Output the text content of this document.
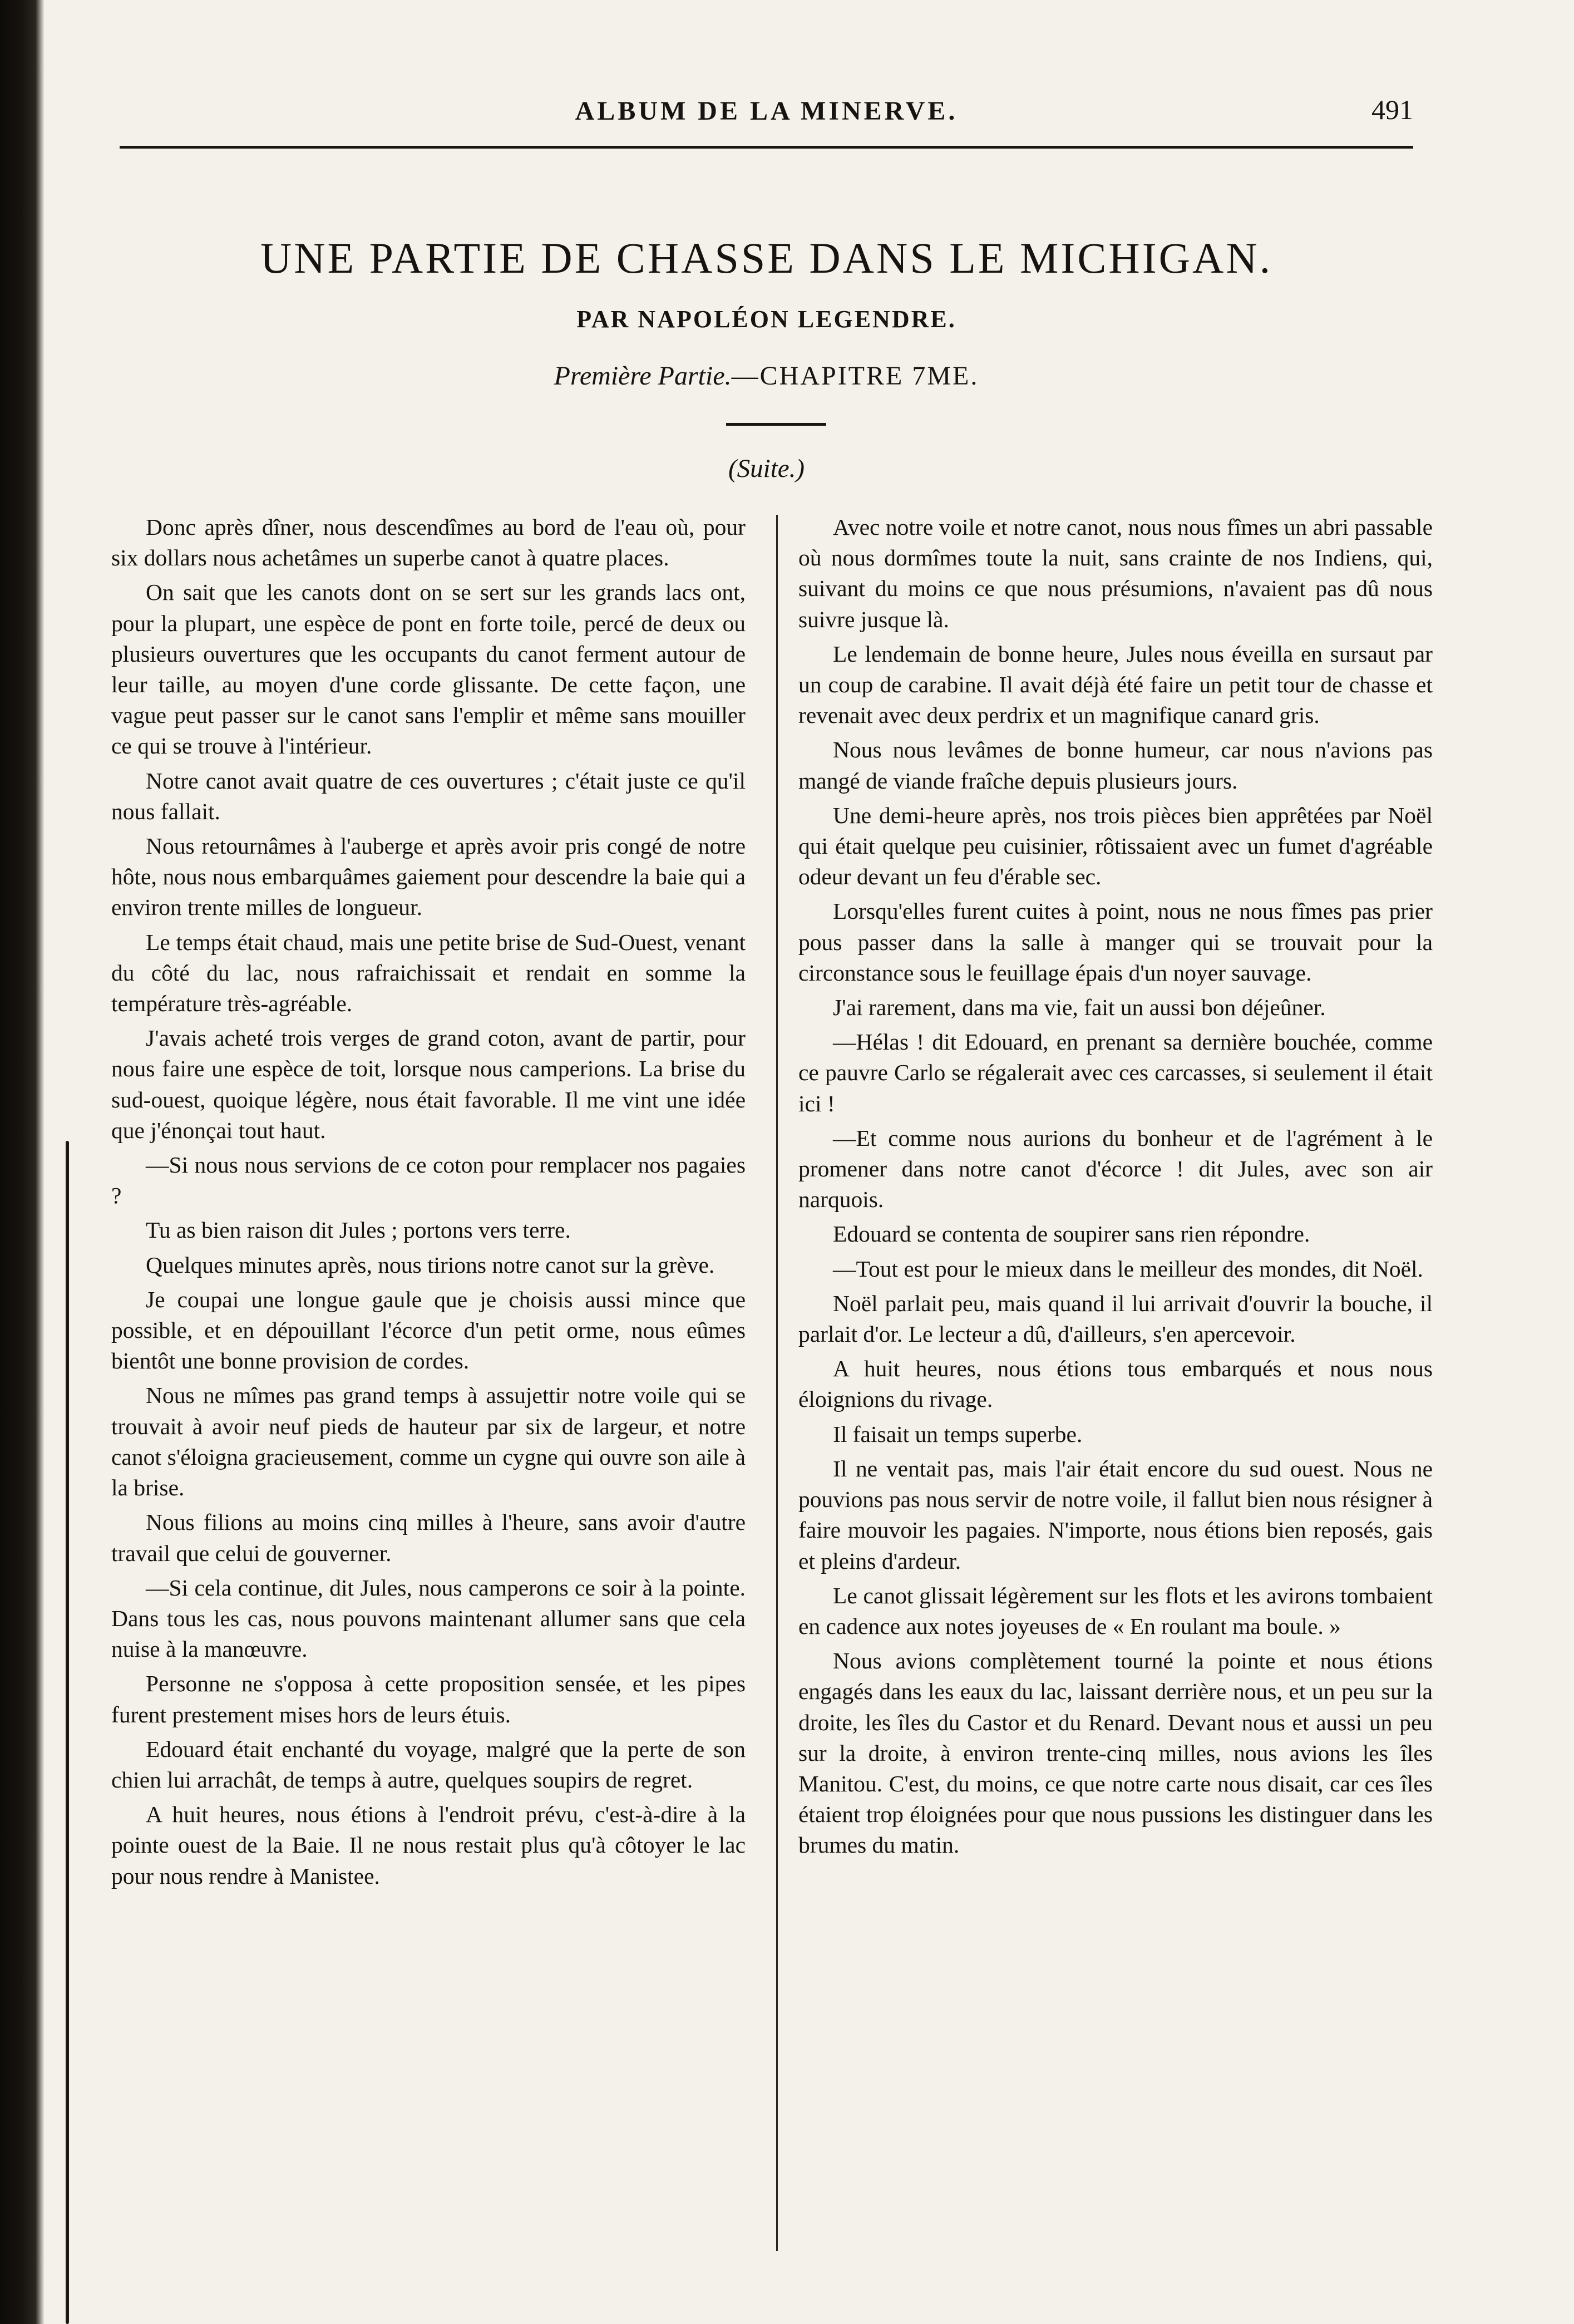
ALBUM DE LA MINERVE.	491
UNE PARTIE DE CHASSE DANS LE MICHIGAN.
PAR NAPOLÉON LEGENDRE.
Première Partie.—CHAPITRE 7ME.
(Suite.)

Donc après dîner, nous descendîmes au bord de l'eau où, pour six dollars nous achetâmes un superbe canot à quatre places.

On sait que les canots dont on se sert sur les grands lacs ont, pour la plupart, une espèce de pont en forte toile, percé de deux ou plusieurs ouvertures que les occupants du canot ferment autour de leur taille, au moyen d'une corde glissante. De cette façon, une vague peut passer sur le canot sans l'emplir et même sans mouiller ce qui se trouve à l'intérieur.

Notre canot avait quatre de ces ouvertures ; c'était juste ce qu'il nous fallait.

Nous retournâmes à l'auberge et après avoir pris congé de notre hôte, nous nous embarquâmes gaiement pour descendre la baie qui a environ trente milles de longueur.

Le temps était chaud, mais une petite brise de Sud-Ouest, venant du côté du lac, nous rafraichissait et rendait en somme la température très-agréable.

J'avais acheté trois verges de grand coton, avant de partir, pour nous faire une espèce de toit, lorsque nous camperions. La brise du sud-ouest, quoique légère, nous était favorable. Il me vint une idée que j'énonçai tout haut.

—Si nous nous servions de ce coton pour remplacer nos pagaies ?

Tu as bien raison dit Jules ; portons vers terre.

Quelques minutes après, nous tirions notre canot sur la grève.

Je coupai une longue gaule que je choisis aussi mince que possible, et en dépouillant l'écorce d'un petit orme, nous eûmes bientôt une bonne provision de cordes.

Nous ne mîmes pas grand temps à assujettir notre voile qui se trouvait à avoir neuf pieds de hauteur par six de largeur, et notre canot s'éloigna gracieusement, comme un cygne qui ouvre son aile à la brise.

Nous filions au moins cinq milles à l'heure, sans avoir d'autre travail que celui de gouverner.

—Si cela continue, dit Jules, nous camperons ce soir à la pointe. Dans tous les cas, nous pouvons maintenant allumer sans que cela nuise à la manœuvre.

Personne ne s'opposa à cette proposition sensée, et les pipes furent prestement mises hors de leurs étuis.

Edouard était enchanté du voyage, malgré que la perte de son chien lui arrachât, de temps à autre, quelques soupirs de regret.

A huit heures, nous étions à l'endroit prévu, c'est-à-dire à la pointe ouest de la Baie. Il ne nous restait plus qu'à côtoyer le lac pour nous rendre à Manistee.

Avec notre voile et notre canot, nous nous fîmes un abri passable où nous dormîmes toute la nuit, sans crainte de nos Indiens, qui, suivant du moins ce que nous présumions, n'avaient pas dû nous suivre jusque là.

Le lendemain de bonne heure, Jules nous éveilla en sursaut par un coup de carabine. Il avait déjà été faire un petit tour de chasse et revenait avec deux perdrix et un magnifique canard gris.

Nous nous levâmes de bonne humeur, car nous n'avions pas mangé de viande fraîche depuis plusieurs jours.

Une demi-heure après, nos trois pièces bien apprêtées par Noël qui était quelque peu cuisinier, rôtissaient avec un fumet d'agréable odeur devant un feu d'érable sec.

Lorsqu'elles furent cuites à point, nous ne nous fîmes pas prier pous passer dans la salle à manger qui se trouvait pour la circonstance sous le feuillage épais d'un noyer sauvage.

J'ai rarement, dans ma vie, fait un aussi bon déjeûner.

—Hélas ! dit Edouard, en prenant sa dernière bouchée, comme ce pauvre Carlo se régalerait avec ces carcasses, si seulement il était ici !

—Et comme nous aurions du bonheur et de l'agrément à le promener dans notre canot d'écorce ! dit Jules, avec son air narquois.

Edouard se contenta de soupirer sans rien répondre.

—Tout est pour le mieux dans le meilleur des mondes, dit Noël.

Noël parlait peu, mais quand il lui arrivait d'ouvrir la bouche, il parlait d'or. Le lecteur a dû, d'ailleurs, s'en apercevoir.

A huit heures, nous étions tous embarqués et nous nous éloignions du rivage.

Il faisait un temps superbe.

Il ne ventait pas, mais l'air était encore du sud ouest. Nous ne pouvions pas nous servir de notre voile, il fallut bien nous résigner à faire mouvoir les pagaies. N'importe, nous étions bien reposés, gais et pleins d'ardeur.

Le canot glissait légèrement sur les flots et les avirons tombaient en cadence aux notes joyeuses de « En roulant ma boule. »

Nous avions complètement tourné la pointe et nous étions engagés dans les eaux du lac, laissant derrière nous, et un peu sur la droite, les îles du Castor et du Renard. Devant nous et aussi un peu sur la droite, à environ trente-cinq milles, nous avions les îles Manitou. C'est, du moins, ce que notre carte nous disait, car ces îles étaient trop éloignées pour que nous pussions les distinguer dans les brumes du matin.
